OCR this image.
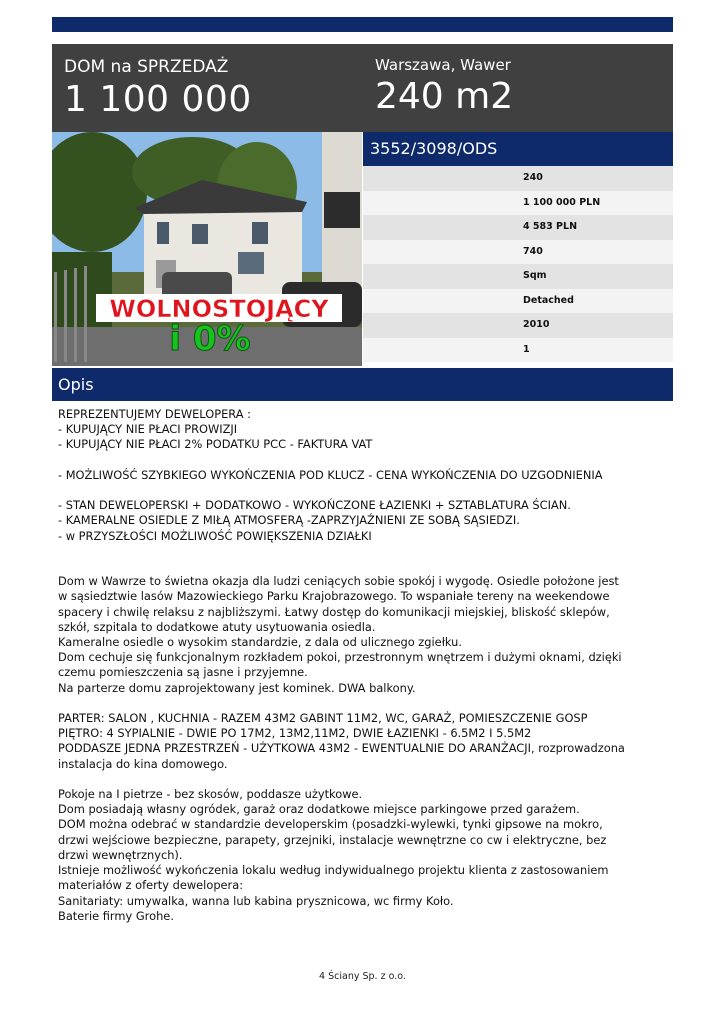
DOM na SPRZEDAŻ
1 100 000
Warszawa, Wawer
240 m2
WOLNOSTOJĄCY
i 0%
3552/3098/ODS
240
1 100 000 PLN
4 583 PLN
740
Sqm
Detached
2010
1
Opis
REPREZENTUJEMY DEWELOPERA :
- KUPUJĄCY NIE PŁACI PROWIZJI
- KUPUJĄCY NIE PŁACI 2% PODATKU PCC - FAKTURA VAT

- MOŻLIWOŚĆ SZYBKIEGO WYKOŃCZENIA POD KLUCZ - CENA WYKOŃCZENIA DO UZGODNIENIA

- STAN DEWELOPERSKI + DODATKOWO - WYKOŃCZONE ŁAZIENKI + SZTABLATURA ŚCIAN.
- KAMERALNE OSIEDLE Z MIŁĄ ATMOSFERĄ -ZAPRZYJAŹNIENI ZE SOBĄ SĄSIEDZI.
- w PRZYSZŁOŚCI MOŻLIWOŚĆ POWIĘKSZENIA DZIAŁKI

Dom w Wawrze to świetna okazja dla ludzi ceniących sobie spokój i wygodę. Osiedle położone jest
w sąsiedztwie lasów Mazowieckiego Parku Krajobrazowego. To wspaniałe tereny na weekendowe
spacery i chwilę relaksu z najbliższymi. Łatwy dostęp do komunikacji miejskiej, bliskość sklepów,
szkół, szpitala to dodatkowe atuty usytuowania osiedla.
Kameralne osiedle o wysokim standardzie, z dala od ulicznego zgiełku.
Dom cechuje się funkcjonalnym rozkładem pokoi, przestronnym wnętrzem i dużymi oknami, dzięki
czemu pomieszczenia są jasne i przyjemne.
Na parterze domu zaprojektowany jest kominek. DWA balkony.

PARTER: SALON , KUCHNIA - RAZEM 43M2 GABINT 11M2, WC, GARAŻ, POMIESZCZENIE GOSP
PIĘTRO: 4 SYPIALNIE - DWIE PO 17M2, 13M2,11M2, DWIE ŁAZIENKI - 6.5M2 I 5.5M2
PODDASZE JEDNA PRZESTRZEŃ - UŻYTKOWA 43M2 - EWENTUALNIE DO ARANŻACJI, rozprowadzona
instalacja do kina domowego.

Pokoje na I pietrze - bez skosów, poddasze użytkowe.
Dom posiadają własny ogródek, garaż oraz dodatkowe miejsce parkingowe przed garażem.
DOM można odebrać w standardzie developerskim (posadzki-wylewki, tynki gipsowe na mokro,
drzwi wejściowe bezpieczne, parapety, grzejniki, instalacje wewnętrzne co cw i elektryczne, bez
drzwi wewnętrznych).
Istnieje możliwość wykończenia lokalu według indywidualnego projektu klienta z zastosowaniem
materiałów z oferty dewelopera:
Sanitariaty: umywalka, wanna lub kabina prysznicowa, wc firmy Koło.
Baterie firmy Grohe.
4 Ściany Sp. z o.o.
